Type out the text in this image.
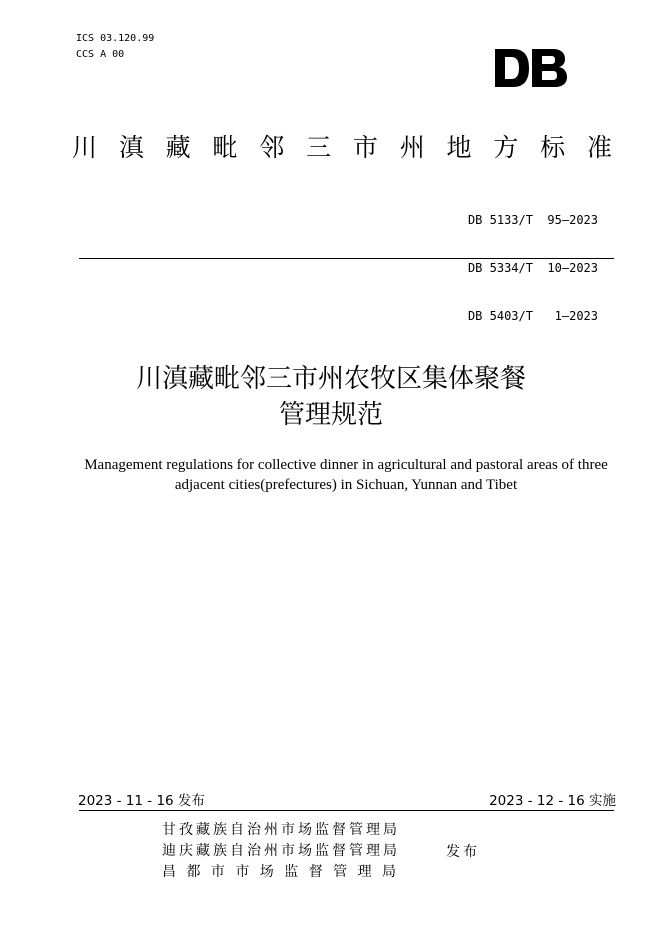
ICS 03.120.99
CCS A 00
川 滇 藏 毗 邻 三 市 州 地 方 标 准

DB 5133/T  95—2023

DB 5334/T  10—2023

DB 5403/T   1—2023

川滇藏毗邻三市州农牧区集体聚餐
管理规范
Management regulations for collective dinner in agricultural and pastoral areas of three adjacent cities(prefectures) in Sichuan, Yunnan and Tibet
2023 - 11 - 16 发布	2023 - 12 - 16 实施
甘孜藏族自治州市场监督管理局
迪庆藏族自治州市场监督管理局
昌 都 市 市 场 监 督 管 理 局
发布
